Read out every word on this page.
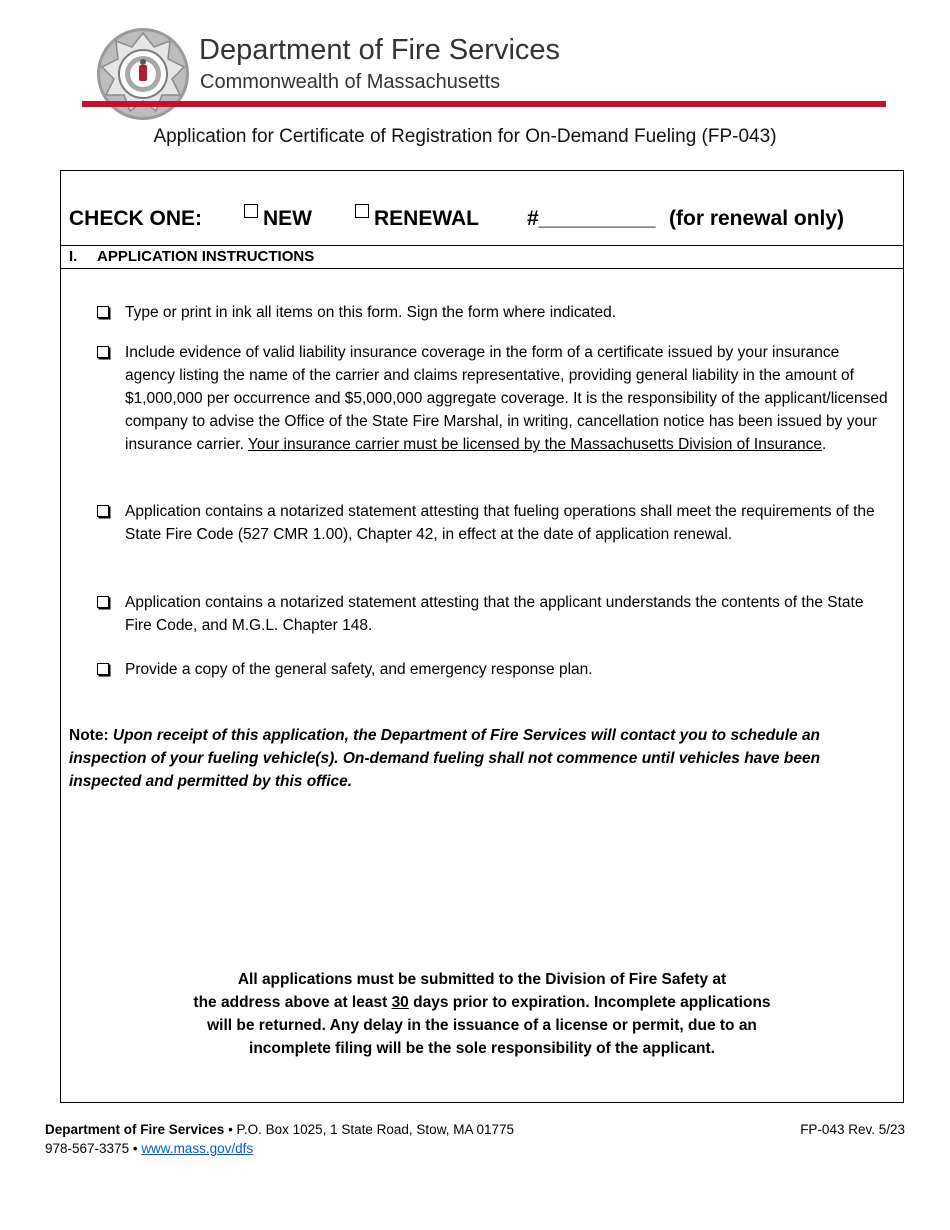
Department of Fire Services
Commonwealth of Massachusetts
Application for Certificate of Registration for On-Demand Fueling (FP-043)
CHECK ONE:	NEW	RENEWAL #__________ (for renewal only)
I. APPLICATION INSTRUCTIONS
Type or print in ink all items on this form. Sign the form where indicated.
Include evidence of valid liability insurance coverage in the form of a certificate issued by your insurance agency listing the name of the carrier and claims representative, providing general liability in the amount of $1,000,000 per occurrence and $5,000,000 aggregate coverage. It is the responsibility of the applicant/licensed company to advise the Office of the State Fire Marshal, in writing, cancellation notice has been issued by your insurance carrier. Your insurance carrier must be licensed by the Massachusetts Division of Insurance.
Application contains a notarized statement attesting that fueling operations shall meet the requirements of the State Fire Code (527 CMR 1.00), Chapter 42, in effect at the date of application renewal.
Application contains a notarized statement attesting that the applicant understands the contents of the State Fire Code, and M.G.L. Chapter 148.
Provide a copy of the general safety, and emergency response plan.
Note: Upon receipt of this application, the Department of Fire Services will contact you to schedule an inspection of your fueling vehicle(s). On-demand fueling shall not commence until vehicles have been inspected and permitted by this office.
All applications must be submitted to the Division of Fire Safety at
the address above at least 30 days prior to expiration. Incomplete applications
will be returned. Any delay in the issuance of a license or permit, due to an
incomplete filing will be the sole responsibility of the applicant.
Department of Fire Services • P.O. Box 1025, 1 State Road, Stow, MA 01775
978-567-3375 • www.mass.gov/dfs
FP-043 Rev. 5/23
